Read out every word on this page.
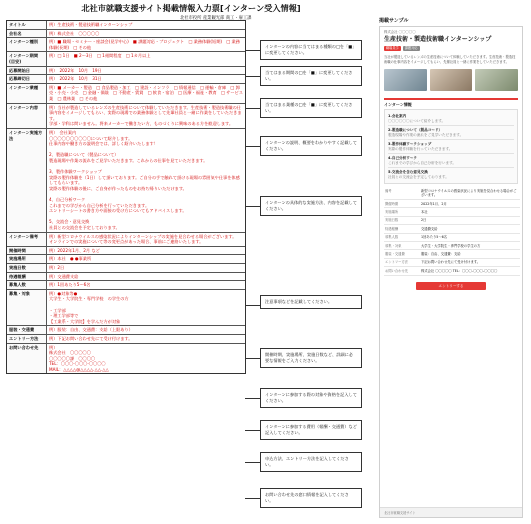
北社市就職支援サイト掲載情報入力票[インターン受入情報]
北社市役所 産業観光部 商工・雇工課
タイトル	例）生産技術・製造技術職インターンシップ
会社名	例）株式会社　〇〇〇〇〇
インターン種別	例）■ 職場・セミナー・座談会(見学中心)　■ 課題対応・プロジェクト　□ 業務体験(短期)　□ 業務体験(長期)　□ その他
インターン期間(目安)
例）□ 1日　■ 2〜3日　□ 1週間程度　□ 1カ月以上
応募開始日	例）　2022年　10月　19日
応募締切日	例）　2022年　10月　31日
インターン業種	例）■ メーカー・製造　□ 食品製造・加工　□ 建設・インフラ　□ 情報通信　□ 運輸・倉庫　□ 卸売・小売・小売　□ 金融・保険　□ 不動産・賃貸　□ 飲食・宿泊　□ 医療・福祉・教育　□ サービス業　□ 農林業　□ その他
インターン内容	例）当社が製造しているレンズの生産技術について体験していただきます。生産技術・製造技術職の仕事内容をイメージしてもらい、実際の現場での業務体験として先輩社員と一緒に作業をしていただきます。
学部・学科は問いません。将来メーカーで働きたい方、ものづくりに興味のある方を歓迎します。
インターン実施方法
例）　会社案内
〇〇〇〇〇〇〇〇〇〇について紹介します。
仕事内容や働き方の説明会では、詳しく紹介いたします！

2、製造職について（製品について）
製造現場や作業の流れをご見学いただきます。これからの仕事を見ていただきます。

3、製作体験ワークショップ
実際の製作体験を（1日）して頂いております。ご自分の手で触れて頂ける現場の雰囲気や仕事を体感してもらいます。
実際の製作体験の後に、ご自身が作ったものをお持ち帰りいただけます。

4、自己分析ワーク
これまでの学びから自己分析を行っていただきます。
エントリーシートの書き方や面接の受け方についてもアドバイスします。

5、交流会・意見交換
社員との交流会を予定しております。
インターン備考	例）新型コロナウイルスの感染状況によりインターンシップの実施を見合わせる場合がございます。
オンラインでの実施について等の変更点があった場合、事前にご連絡いたします。
開催時間	例）2022年1月、2月 など
実施場所	例）本社　● ●事業所
実施日数	例）2日
待遇報酬	例）交通費支給
募集人数	例）1回あたり5〜6名
募集・対象	例）●対象等●
大学生・大学院生・専門学校　の学生の方

・工学部
・理工学部等で
【工業系・大学院】を学んだ方が対象
服装・交通費	例）服装：自由、交通費：支給（上限あり）
エントリー方法	例）下記お問い合わせ先にて受け付けます。
お問い合わせ先	例）
株式会社　〇〇〇〇〇
〇〇〇〇〇課　〇〇〇〇
TEL：〇〇〇-〇〇〇-〇〇〇〇
MAIL：△△△△@△△△△.△△.△△
インターンの内容に当てはまる種類の□を「■」に変更してください。
当てはまる期間の□を「■」に変更してください。
当てはまる業種の□を「■」に変更してください。
インターンの説明、概要をわかりやすく記載してください。
インターンの具体的な実施方法、内容を記載してください。
注意事項などを記載してください。
開催時期、実施場所、実施日数など、詳細に必要な情報をご入力ください。
インターンに参加する際の対象や資格を記入してください。
インターンに参加する費用（報酬・交通費）など記入してください。
申込方法、エントリー方法を記入してください。
お問い合わせ先の窓口情報を記入してください。
掲載サンプル
株式会社 〇〇〇〇〇
生産技術・製造技術職インターンシップ
職場見学	課題対応
当社が製造しているレンズの生産技術について体験していただきます。生産技術・製造技術職の仕事内容をイメージしてもらい、先輩社員と一緒に作業をしていただきます。
インターン情報
1.会社案内
〇〇〇〇〇〇について紹介します。
2.製造職について（製品コード）
製造現場や作業の流れをご見学いただきます。
3.製作体験ワークショップ
実際の製作体験を行っていただきます。
4.自己分析ワーク
これまでの学びから自己分析を行います。
5.交流会を含む意見交換
社員との交流会を予定しております。
備考	新型コロナウイルスの感染状況により実施を見合わせる場合がございます。
開催時期	2022年1月、2月
実施場所	本社
実施日数	2日
待遇報酬	交通費支給
募集人数	1回あたり5〜6名
募集・対象	大学生・大学院生・専門学校の学生の方
服装・交通費	服装：自由、交通費：支給
エントリー方法	下記お問い合わせ先にて受け付けます。
お問い合わせ先	株式会社 〇〇〇〇〇 TEL：〇〇〇-〇〇〇-〇〇〇〇
エントリーする
北社市就職支援サイト
